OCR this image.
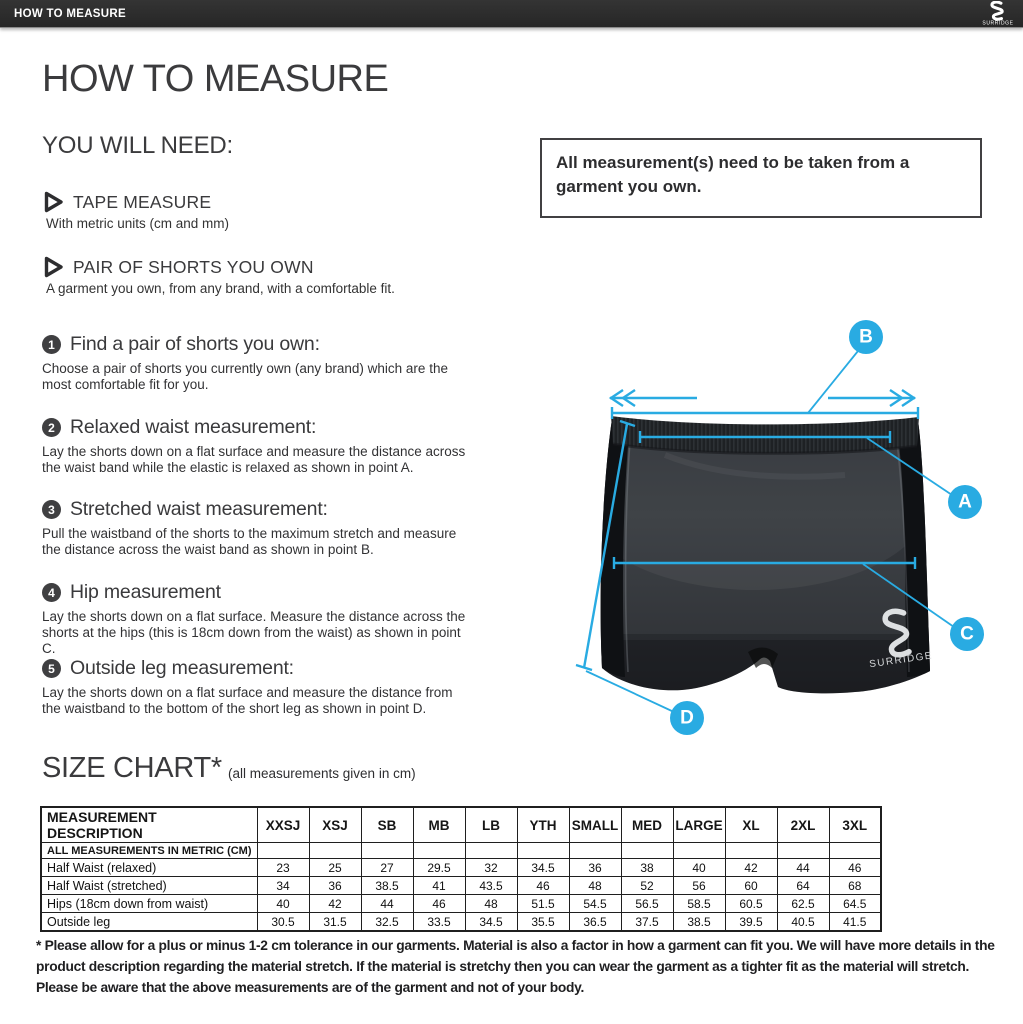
HOW TO MEASURE
SURRIDGE
HOW TO MEASURE
YOU WILL NEED:
TAPE MEASURE
With metric units (cm and mm)
PAIR OF SHORTS YOU OWN
A garment you own, from any brand, with a comfortable fit.
All measurement(s) need to be taken from a garment you own.
1 Find a pair of shorts you own:
Choose a pair of shorts you currently own (any brand) which are the most comfortable fit for you.
2 Relaxed waist measurement:
Lay the shorts down on a flat surface and measure the distance across the waist band while the elastic is relaxed as shown in point A.
3 Stretched waist measurement:
Pull the waistband of the shorts to the maximum stretch and measure the distance across the waist band as shown in point B.
4 Hip measurement
Lay the shorts down on a flat surface. Measure the distance across the shorts at the hips (this is 18cm down from the waist) as shown in point C.
5 Outside leg measurement:
Lay the shorts down on a flat surface and measure the distance from the waistband to the bottom of the short leg as shown in point D.
SURRIDGE
B
A
C
D
SIZE CHART* (all measurements given in cm)
MEASUREMENT DESCRIPTION	XXSJ	XSJ	SB	MB	LB	YTH	SMALL	MED	LARGE	XL	2XL	3XL
ALL MEASUREMENTS IN METRIC (CM)												
Half Waist (relaxed)	23	25	27	29.5	32	34.5	36	38	40	42	44	46
Half Waist (stretched)	34	36	38.5	41	43.5	46	48	52	56	60	64	68
Hips (18cm down from waist)	40	42	44	46	48	51.5	54.5	56.5	58.5	60.5	62.5	64.5
Outside leg	30.5	31.5	32.5	33.5	34.5	35.5	36.5	37.5	38.5	39.5	40.5	41.5
* Please allow for a plus or minus 1-2 cm tolerance in our garments. Material is also a factor in how a garment can fit you. We will have more details in the product description regarding the material stretch. If the material is stretchy then you can wear the garment as a tighter fit as the material will stretch. Please be aware that the above measurements are of the garment and not of your body.
